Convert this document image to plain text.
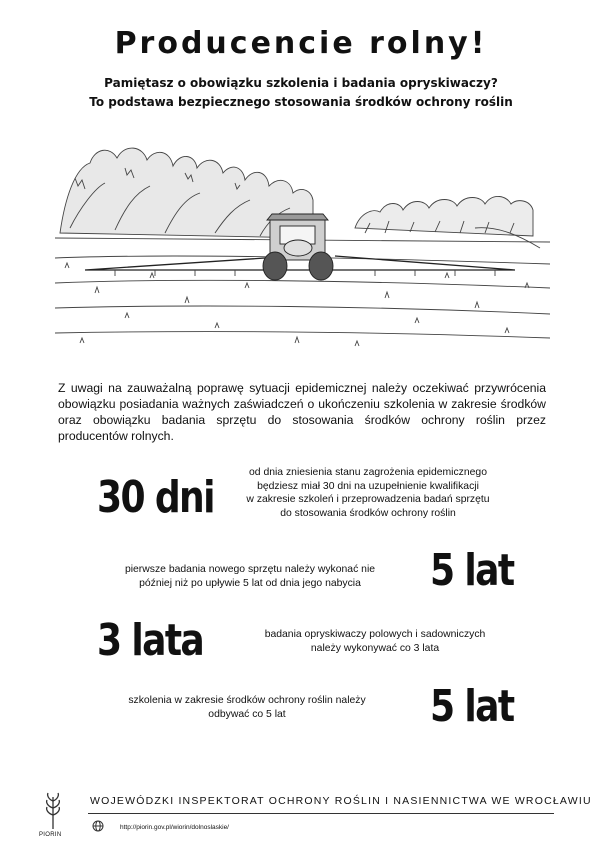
Producencie rolny!
Pamiętasz o obowiązku szkolenia i badania opryskiwaczy?
To podstawa bezpiecznego stosowania środków ochrony roślin
Z uwagi na zauważalną poprawę sytuacji epidemicznej należy oczekiwać przywrócenia obowiązku posiadania ważnych zaświadczeń o ukończeniu szkolenia w zakresie środków oraz obowiązku badania sprzętu do stosowania środków ochrony roślin przez producentów rolnych.
30 dni	od dnia zniesienia stanu zagrożenia epidemicznego
będziesz miał 30 dni na uzupełnienie kwalifikacji
w zakresie szkoleń i przeprowadzenia badań sprzętu
do stosowania środków ochrony roślin
pierwsze badania nowego sprzętu należy wykonać nie
później niż po upływie 5 lat od dnia jego nabycia	5 lat
3 lata	badania opryskiwaczy polowych i sadowniczych
należy wykonywać co 3 lata
szkolenia w zakresie środków ochrony roślin należy
odbywać co 5 lat	5 lat
PIORIN
WOJEWÓDZKI INSPEKTORAT OCHRONY ROŚLIN I NASIENNICTWA WE WROCŁAWIU
http://piorin.gov.pl/wiorin/dolnoslaskie/
